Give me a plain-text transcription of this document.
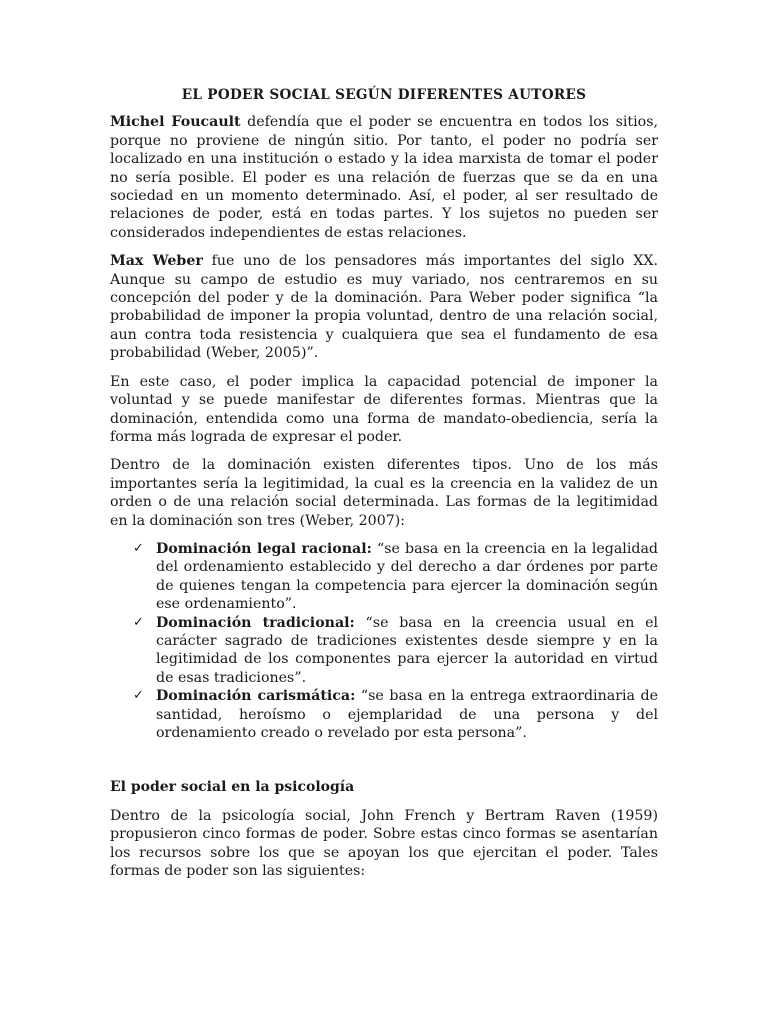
EL PODER SOCIAL SEGÚN DIFERENTES AUTORES

Michel Foucault defendía que el poder se encuentra en todos los sitios, porque no proviene de ningún sitio. Por tanto, el poder no podría ser localizado en una institución o estado y la idea marxista de tomar el poder no sería posible. El poder es una relación de fuerzas que se da en una sociedad en un momento determinado. Así, el poder, al ser resultado de relaciones de poder, está en todas partes. Y los sujetos no pueden ser considerados independientes de estas relaciones.

Max Weber fue uno de los pensadores más importantes del siglo XX. Aunque su campo de estudio es muy variado, nos centraremos en su concepción del poder y de la dominación. Para Weber poder significa “la probabilidad de imponer la propia voluntad, dentro de una relación social, aun contra toda resistencia y cualquiera que sea el fundamento de esa probabilidad (Weber, 2005)”.

En este caso, el poder implica la capacidad potencial de imponer la voluntad y se puede manifestar de diferentes formas. Mientras que la dominación, entendida como una forma de mandato-obediencia, sería la forma más lograda de expresar el poder.

Dentro de la dominación existen diferentes tipos. Uno de los más importantes sería la legitimidad, la cual es la creencia en la validez de un orden o de una relación social determinada. Las formas de la legitimidad en la dominación son tres (Weber, 2007):

✓ Dominación legal racional: “se basa en la creencia en la legalidad del ordenamiento establecido y del derecho a dar órdenes por parte de quienes tengan la competencia para ejercer la dominación según ese ordenamiento”.
✓ Dominación tradicional: “se basa en la creencia usual en el carácter sagrado de tradiciones existentes desde siempre y en la legitimidad de los componentes para ejercer la autoridad en virtud de esas tradiciones”.
✓ Dominación carismática: “se basa en la entrega extraordinaria de santidad, heroísmo o ejemplaridad de una persona y del ordenamiento creado o revelado por esta persona”.
El poder social en la psicología

Dentro de la psicología social, John French y Bertram Raven (1959) propusieron cinco formas de poder. Sobre estas cinco formas se asentarían los recursos sobre los que se apoyan los que ejercitan el poder. Tales formas de poder son las siguientes:
